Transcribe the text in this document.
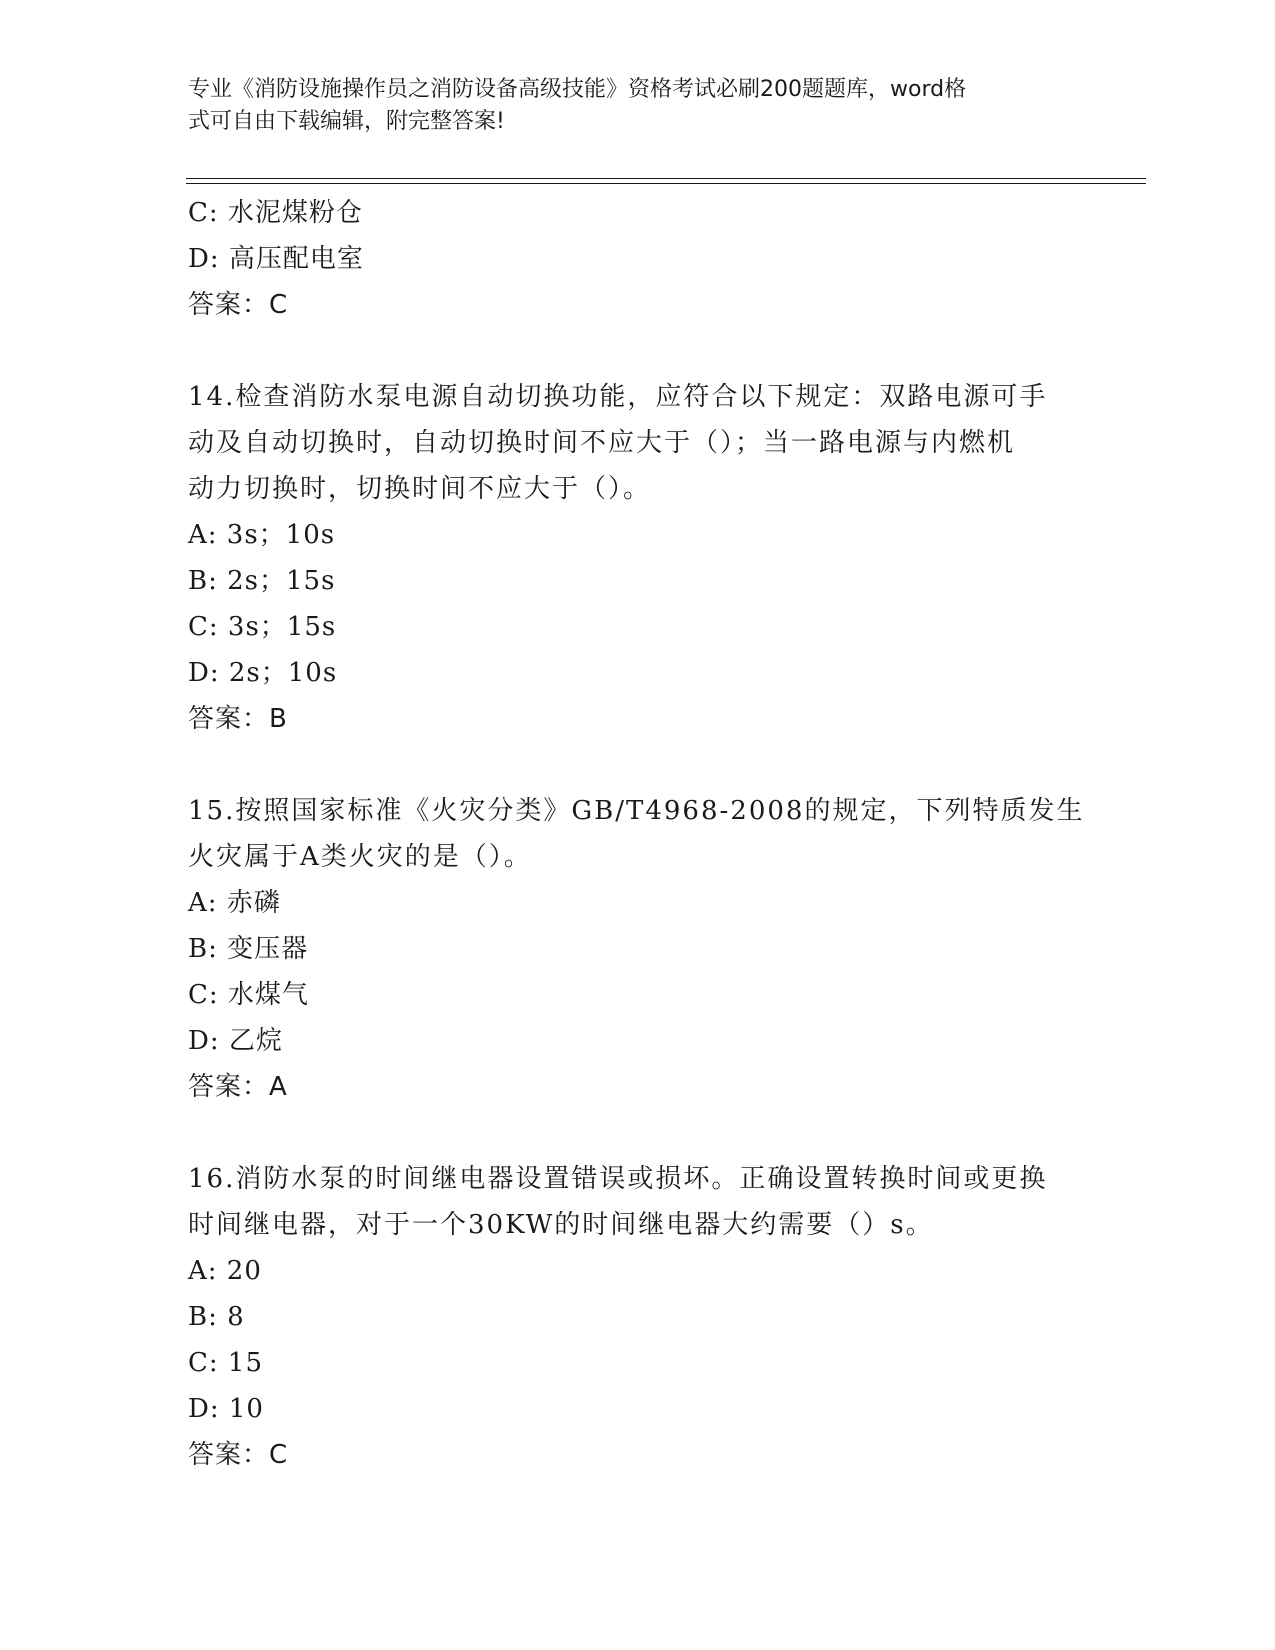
专业《消防设施操作员之消防设备高级技能》资格考试必刷200题题库，word格
式可自由下载编辑，附完整答案!
C: 水泥煤粉仓
D: 高压配电室
答案：C
14.检查消防水泵电源自动切换功能，应符合以下规定：双路电源可手
动及自动切换时，自动切换时间不应大于（）；当一路电源与内燃机
动力切换时，切换时间不应大于（）。
A: 3s；10s
B: 2s；15s
C: 3s；15s
D: 2s；10s
答案：B
15.按照国家标准《火灾分类》GB/T4968-2008的规定，下列特质发生
火灾属于A类火灾的是（）。
A: 赤磷
B: 变压器
C: 水煤气
D: 乙烷
答案：A
16.消防水泵的时间继电器设置错误或损坏。正确设置转换时间或更换
时间继电器，对于一个30KW的时间继电器大约需要（）s。
A: 20
B: 8
C: 15
D: 10
答案：C
